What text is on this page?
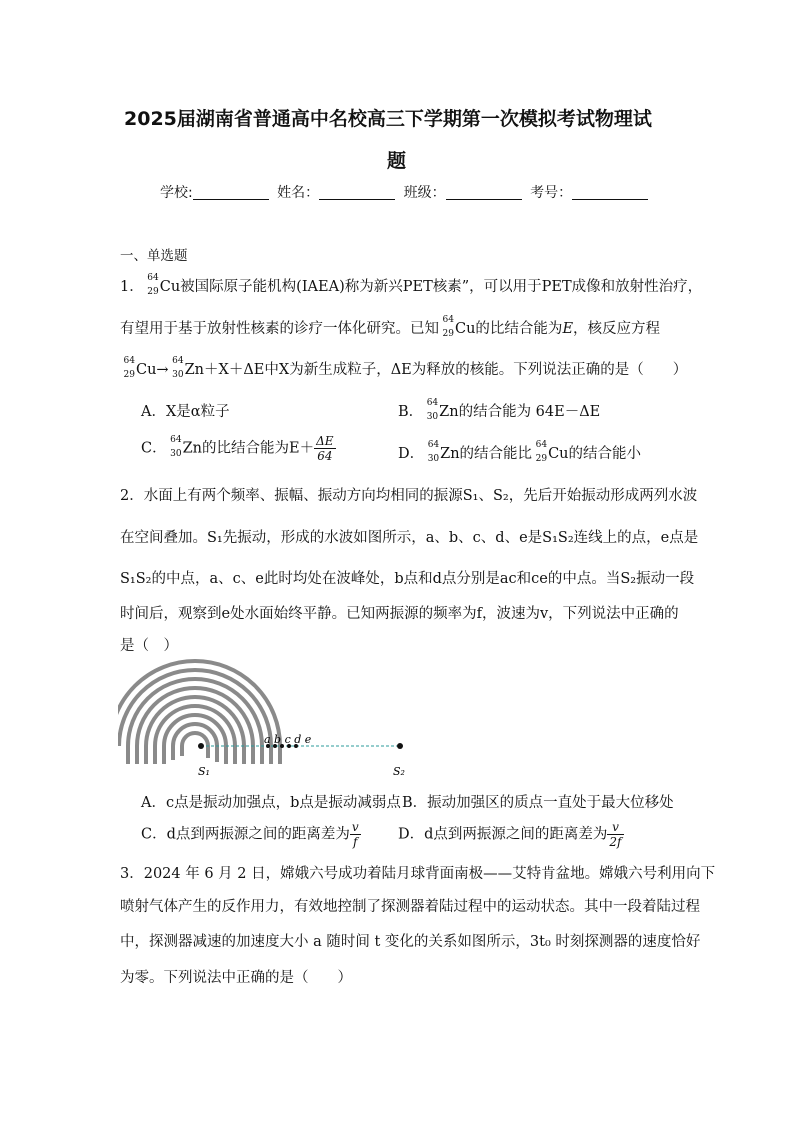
2025届湖南省普通高中名校高三下学期第一次模拟考试物理试
题
学校:	姓名：	班级：	考号：
一、单选题
1．
64
29 Cu被国际原子能机构(IAEA)称为新兴PET核素”，可以用于PET成像和放射性治疗，
有望用于基于放射性核素的诊疗一体化研究。已知
64
29 Cu的比结合能为E，核反应方程
64
29 Cu→
64
30 Zn＋X＋ΔE中X为新生成粒子，ΔE为释放的核能。下列说法正确的是（　　）
A．X是α粒子	B．
64
30 Zn的结合能为 64E－ΔE
C．
64
30 Zn的比结合能为$E+ \frac{\Delta E}{64}$	D．
64
30 Zn的结合能比
64
29 Cu的结合能小
2．水面上有两个频率、振幅、振动方向均相同的振源S₁、S₂，先后开始振动形成两列水波
在空间叠加。S₁先振动，形成的水波如图所示，a、b、c、d、e是S₁S₂连线上的点，e点是
S₁S₂的中点，a、c、e此时均处在波峰处，b点和d点分别是ac和ce的中点。当S₂振动一段
时间后，观察到e处水面始终平静。已知两振源的频率为f，波速为v，下列说法中正确的
是（　）
a b c d e
S₁	S₂
A．c点是振动加强点，b点是振动减弱点 B．振动加强区的质点一直处于最大位移处
C．d点到两振源之间的距离差为 $\frac{v}{f}$	D．d点到两振源之间的距离差为 $\frac{v}{2f}$
3．2024 年 6 月 2 日，嫦娥六号成功着陆月球背面南极——艾特肯盆地。嫦娥六号利用向下
喷射气体产生的反作用力，有效地控制了探测器着陆过程中的运动状态。其中一段着陆过程
中，探测器减速的加速度大小 a 随时间 t 变化的关系如图所示，3t₀ 时刻探测器的速度恰好
为零。下列说法中正确的是（　　）
